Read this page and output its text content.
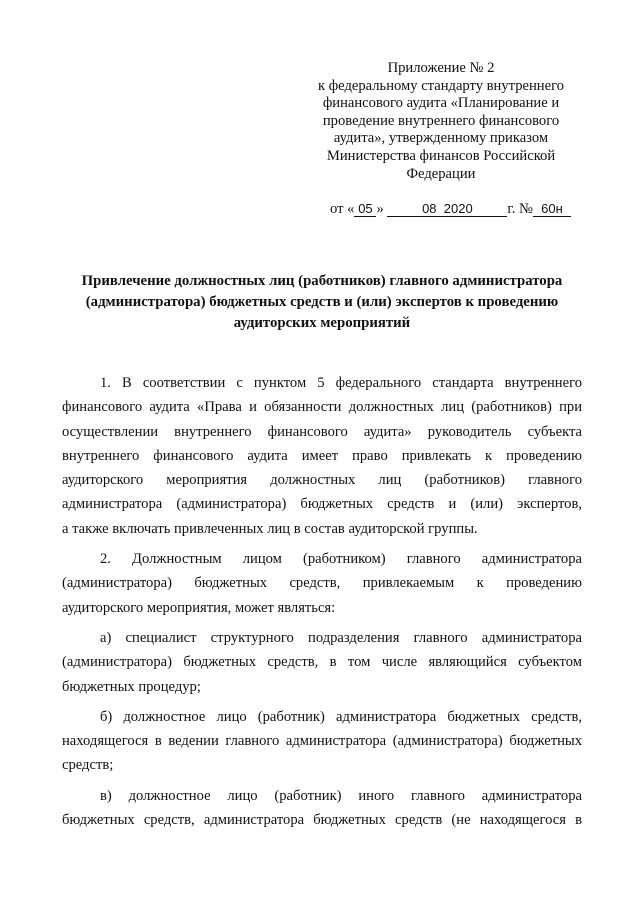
Приложение № 2
к федеральному стандарту внутреннего
финансового аудита «Планирование и
проведение внутреннего финансового
аудита», утвержденному приказом
Министерства финансов Российской
Федерации
от « 05 »	08  2020 г. № 60н
Привлечение должностных лиц (работников) главного администратора
(администратора) бюджетных средств и (или) экспертов к проведению
аудиторских мероприятий
1. В соответствии с пунктом 5 федерального стандарта внутреннего
финансового аудита «Права и обязанности должностных лиц (работников) при
осуществлении внутреннего финансового аудита» руководитель субъекта
внутреннего финансового аудита имеет право привлекать к проведению
аудиторского мероприятия должностных лиц (работников) главного
администратора (администратора) бюджетных средств и (или) экспертов,
а также включать привлеченных лиц в состав аудиторской группы.
2. Должностным лицом (работником) главного администратора
(администратора) бюджетных средств, привлекаемым к проведению
аудиторского мероприятия, может являться:
а) специалист структурного подразделения главного администратора
(администратора) бюджетных средств, в том числе являющийся субъектом
бюджетных процедур;
б) должностное лицо (работник) администратора бюджетных средств,
находящегося в ведении главного администратора (администратора) бюджетных
средств;
в) должностное лицо (работник) иного главного администратора
бюджетных средств, администратора бюджетных средств (не находящегося в
